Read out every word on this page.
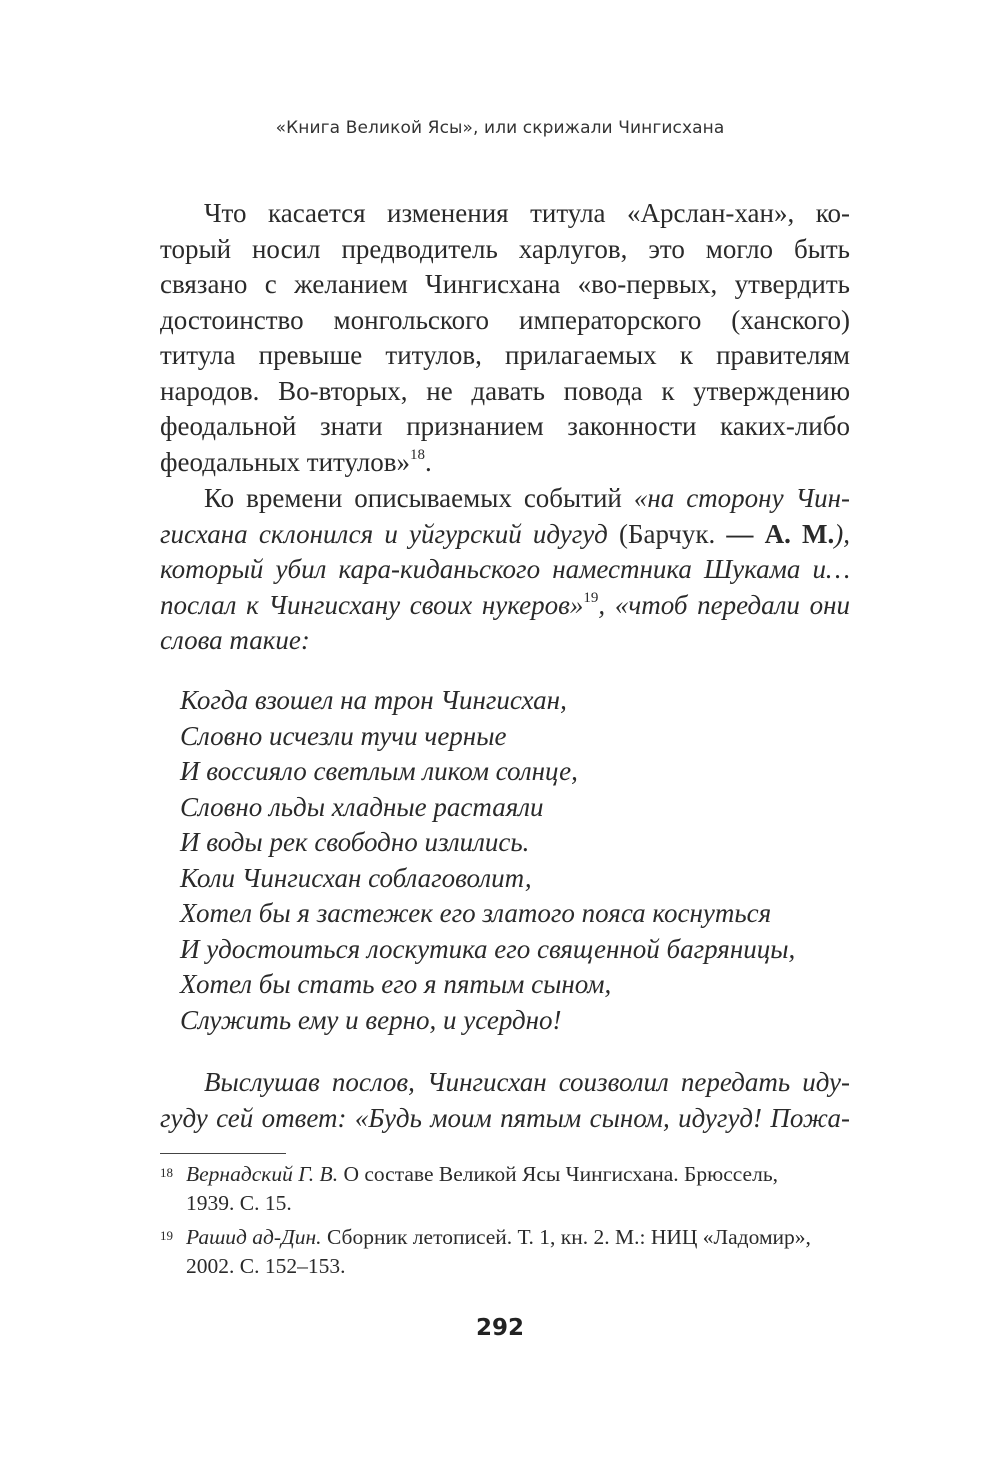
«Книга Великой Ясы», или скрижали Чингисхана
Что касается изменения титула «Арслан-хан», ко-
торый носил предводитель харлугов, это могло быть
связано с желанием Чингисхана «во-первых, утвердить
достоинство монгольского императорского (ханского)
титула превыше титулов, прилагаемых к правителям
народов. Во-вторых, не давать повода к утверждению
феодальной знати признанием законности каких-либо
феодальных титулов»$^{18}$.
Ко времени описываемых событий «на сторону Чин-
гисхана склонился и уйгурский идугуд (Барчук. — А. М.),
который убил кара-киданьского наместника Шукама и…
послал к Чингисхану своих нукеров»$^{19}$, «чтоб передали они
слова такие:
Когда взошел на трон Чингисхан,
Словно исчезли тучи черные
И воссияло светлым ликом солнце,
Словно льды хладные растаяли
И воды рек свободно излились.
Коли Чингисхан соблаговолит,
Хотел бы я застежек его златого пояса коснуться
И удостоиться лоскутика его священной багряницы,
Хотел бы стать его я пятым сыном,
Служить ему и верно, и усердно!
Выслушав послов, Чингисхан соизволил передать иду-
гуду сей ответ: «Будь моим пятым сыном, идугуд! Пожа-
18 Вернадский Г. В. О составе Великой Ясы Чингисхана. Брюссель,
1939. С. 15.
19 Рашид ад-Дин. Сборник летописей. Т. 1, кн. 2. М.: НИЦ «Ладомир»,
2002. С. 152–153.
292
